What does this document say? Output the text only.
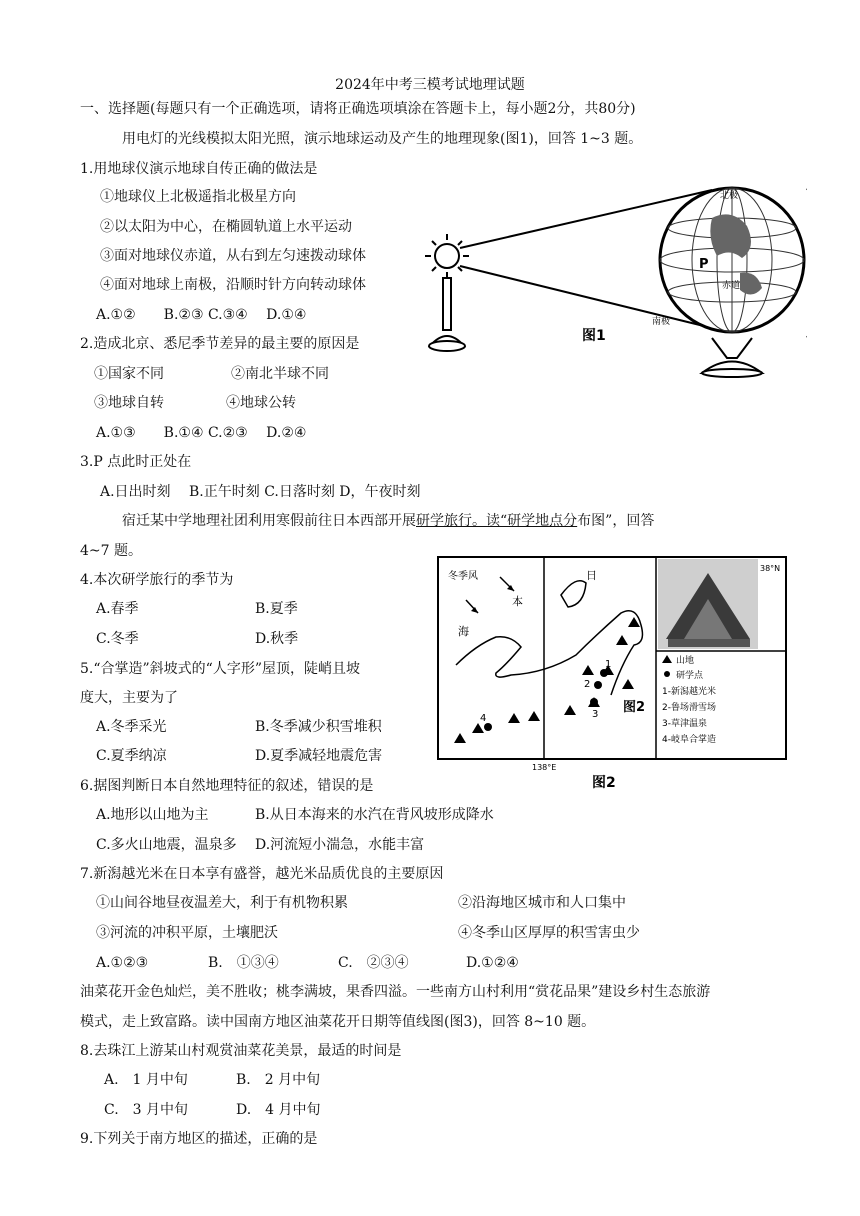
2024年中考三模考试地理试题
一、选择题(每题只有一个正确选项，请将正确选项填涂在答题卡上，每小题2分，共80分)
用电灯的光线模拟太阳光照，演示地球运动及产生的地理现象(图1)，回答 1~3 题。
1.用地球仪演示地球自传正确的做法是
①地球仪上北极遥指北极星方向
②以太阳为中心，在椭圆轨道上水平运动
③面对地球仪赤道，从右到左匀速拨动球体
④面对地球上南极，沿顺时针方向转动球体
A.①②　　B.②③ C.③④　 D.①④
2.造成北京、悉尼季节差异的最主要的原因是
①国家不同	②南北半球不同
③地球自转	④地球公转
A.①③　　B.①④ C.②③　 D.②④
3.P 点此时正处在
A.日出时刻　 B.正午时刻 C.日落时刻 D，午夜时刻
宿迁某中学地理社团利用寒假前往日本西部开展研学旅行。读“研学地点分布图”，回答
4~7 题。
4.本次研学旅行的季节为
A.春季	B.夏季
C.冬季	D.秋季
5.“合掌造”斜坡式的“人字形”屋顶，陡峭且坡
度大，主要为了
A.冬季采光	B.冬季减少积雪堆积
C.夏季纳凉	D.夏季减轻地震危害
6.据图判断日本自然地理特征的叙述，错误的是
A.地形以山地为主	B.从日本海来的水汽在背风坡形成降水
C.多火山地震，温泉多 D.河流短小湍急，水能丰富
7.新潟越光米在日本享有盛誉，越光米品质优良的主要原因
①山间谷地昼夜温差大，利于有机物积累	②沿海地区城市和人口集中
③河流的冲积平原，土壤肥沃	④冬季山区厚厚的积雪害虫少
A.①②③	B.　①③④	C.　②③④	D.①②④
油菜花开金色灿烂，美不胜收；桃李满坡，果香四溢。一些南方山村利用“赏花品果”建设乡村生态旅游
模式，走上致富路。读中国南方地区油菜花开日期等值线图(图3)，回答 8~10 题。
8.去珠江上游某山村观赏油菜花美景，最适的时间是
A.　1 月中旬	B.　2 月中旬
C.　3 月中旬	D.　4 月中旬
9.下列关于南方地区的描述，正确的是
北极
P
赤道
南极
图1
1
2
3
4
冬季风	日
本
海
38°N
138°E
图2
山地
研学点
1-新潟越光米
2-鲁场滑雪场
3-草津温泉
4-岐阜合掌造
图2
